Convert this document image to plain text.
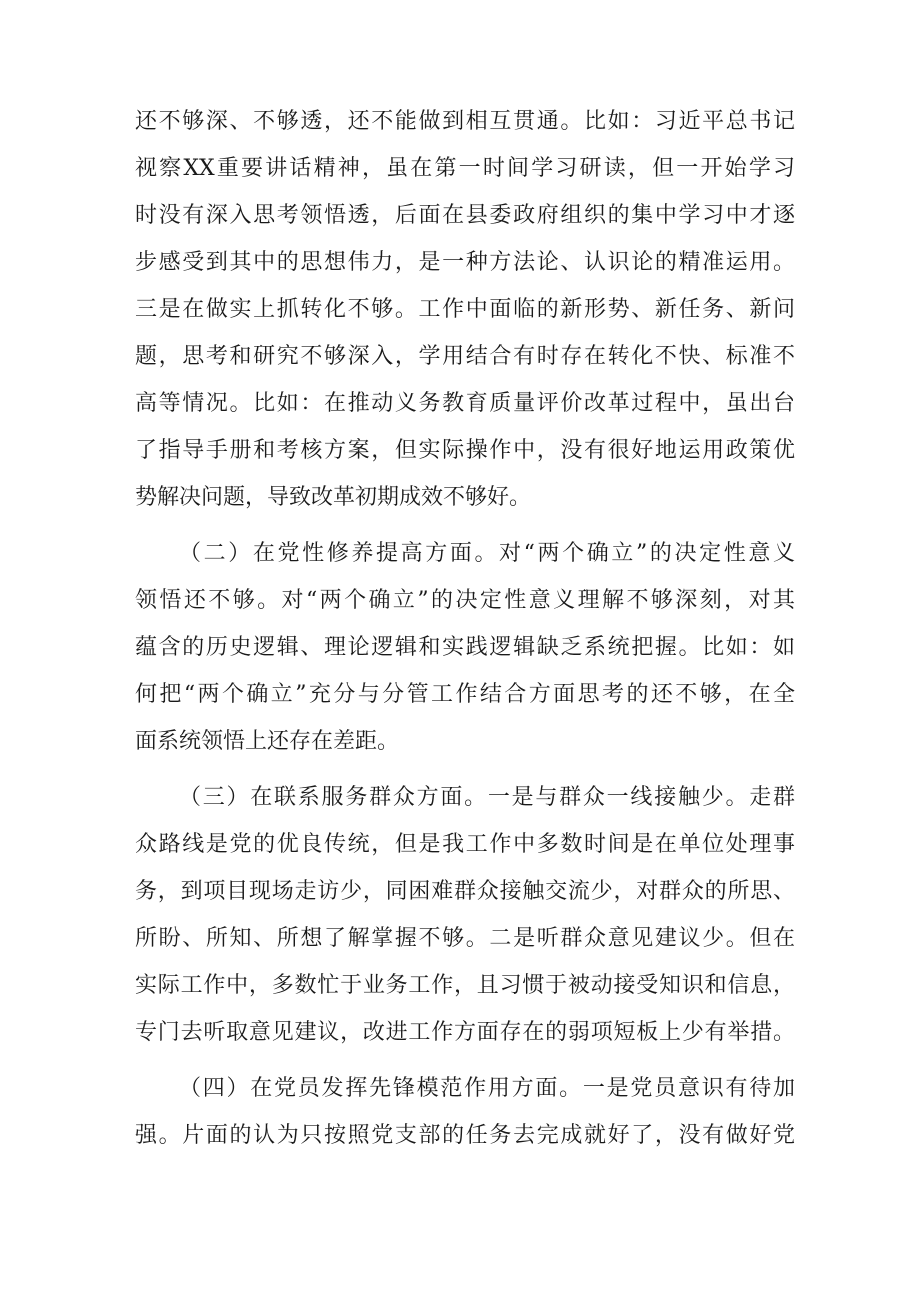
还不够深、不够透，还不能做到相互贯通。比如：习近平总书记
视察XX重要讲话精神，虽在第一时间学习研读，但一开始学习
时没有深入思考领悟透，后面在县委政府组织的集中学习中才逐
步感受到其中的思想伟力，是一种方法论、认识论的精准运用。
三是在做实上抓转化不够。工作中面临的新形势、新任务、新问
题，思考和研究不够深入，学用结合有时存在转化不快、标准不
高等情况。比如：在推动义务教育质量评价改革过程中，虽出台
了指导手册和考核方案，但实际操作中，没有很好地运用政策优
势解决问题，导致改革初期成效不够好。
（二）在党性修养提高方面。对“两个确立”的决定性意义
领悟还不够。对“两个确立”的决定性意义理解不够深刻，对其
蕴含的历史逻辑、理论逻辑和实践逻辑缺乏系统把握。比如：如
何把“两个确立”充分与分管工作结合方面思考的还不够，在全
面系统领悟上还存在差距。
（三）在联系服务群众方面。一是与群众一线接触少。走群
众路线是党的优良传统，但是我工作中多数时间是在单位处理事
务，到项目现场走访少，同困难群众接触交流少，对群众的所思、
所盼、所知、所想了解掌握不够。二是听群众意见建议少。但在
实际工作中，多数忙于业务工作，且习惯于被动接受知识和信息，
专门去听取意见建议，改进工作方面存在的弱项短板上少有举措。
（四）在党员发挥先锋模范作用方面。一是党员意识有待加
强。片面的认为只按照党支部的任务去完成就好了，没有做好党
